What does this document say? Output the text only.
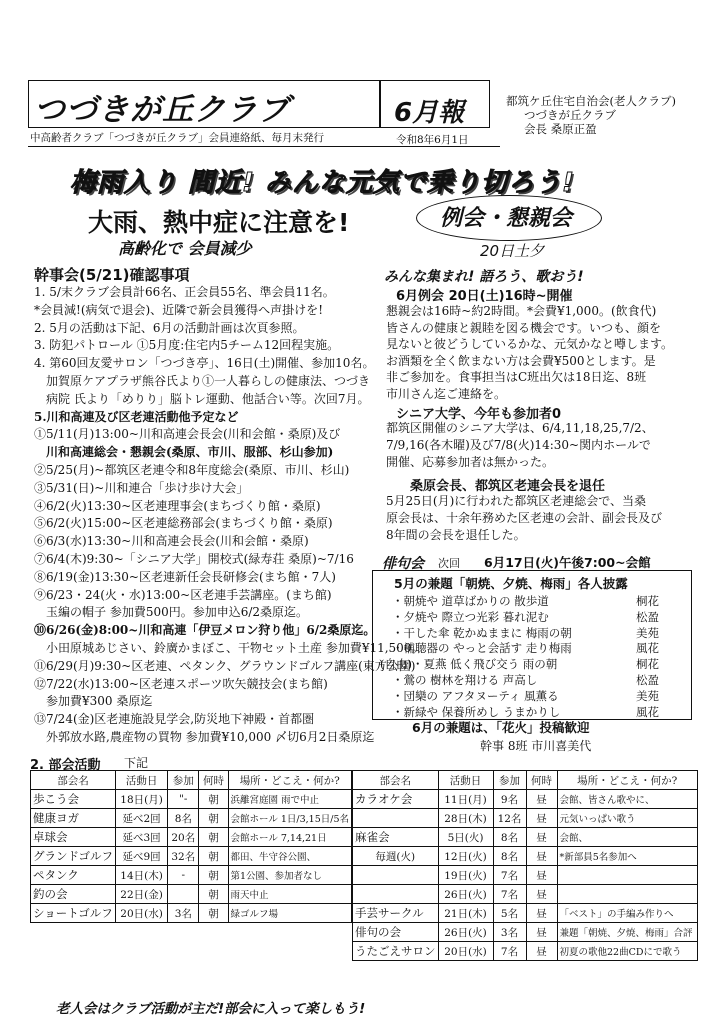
つづきが丘クラブ	6月報
中高齢者クラブ「つづきが丘クラブ」会員連絡紙、毎月末発行	令和8年6月1日
都筑ケ丘住宅自治会(老人クラブ)
つづきが丘クラブ
会長 桑原正盈
梅雨入り 間近! みんな元気で乗り切ろう!
大雨、熱中症に注意を!
高齢化で 会員減少
幹事会(5/21)確認事項
1. 5/末クラブ会員計66名、正会員55名、準会員11名。
*会員減!(病気で退会)、近隣で新会員獲得へ声掛けを!
2. 5月の活動は下記、6月の活動計画は次頁参照。
3. 防犯パトロール ①5月度:住宅内5チーム12回程実施。
4. 第60回友愛サロン「つづき亭」、16日(土)開催、参加10名。
加賀原ケアプラザ熊谷氏より①一人暮らしの健康法、つづき
病院 氏より「めりり」脳トレ運動、他話合い等。次回7月。
5.川和高連及び区老連活動他予定など
①5/11(月)13:00~川和高連会長会(川和会館・桑原)及び
川和高連総会・懇親会(桑原、市川、服部、杉山参加)
②5/25(月)~都筑区老連令和8年度総会(桑原、市川、杉山)
③5/31(日)~川和連合「歩け歩け大会」
④6/2(火)13:30~区老連理事会(まちづくり館・桑原)
⑤6/2(火)15:00~区老連総務部会(まちづくり館・桑原)
⑥6/3(水)13:30~川和高連会長会(川和会館・桑原)
⑦6/4(木)9:30~「シニア大学」開校式(緑寿荘 桑原)~7/16
⑧6/19(金)13:30~区老連新任会長研修会(まち館・7人)
⑨6/23・24(火・水)13:00~区老連手芸講座。(まち館)
玉編の帽子 参加費500円。参加申込6/2桑原迄。
⑩6/26(金)8:00~川和高連「伊豆メロン狩り他」6/2桑原迄。
小田原城あじさい、鈴廣かまぼこ、干物セット土産 参加費¥11,500。
⑪6/29(月)9:30~区老連、ペタンク、グラウンドゴルフ講座(東方公園)
⑫7/22(水)13:00~区老連スポーツ吹矢競技会(まち館)
参加費¥300 桑原迄
⑬7/24(金)区老連施設見学会,防災地下神殿・首都圏
外郭放水路,農産物の買物 参加費¥10,000 〆切6月2日桑原迄
例会・懇親会
20日土夕
みんな集まれ! 語ろう、歌おう!
6月例会 20日(土)16時~開催
懇親会は16時~約2時間。*会費¥1,000。(飲食代)
皆さんの健康と親睦を図る機会です。いつも、顔を
見ないと彼どうしているかな、元気かなと噂します。
お酒類を全く飲まない方は会費¥500とします。是
非ご参加を。食事担当はC班出欠は18日迄、8班
市川さん迄ご連絡を。
シニア大学、今年も参加者0
都筑区開催のシニア大学は、6/4,11,18,25,7/2、
7/9,16(各木曜)及び7/8(火)14:30~関内ホールで
開催、応募参加者は無かった。
桑原会長、都筑区老連会長を退任
5月25日(月)に行われた都筑区老連総会で、当桑
原会長は、十余年務めた区老連の会計、副会長及び
8年間の会長を退任した。
俳句会 次回 6月17日(火)午後7:00~会館
5月の兼題「朝焼、夕焼、梅雨」各人披露
・朝焼や 道草ばかりの 散歩道	桐花
・夕焼や 際立つ光彩 暮れ泥む	松盈
・干した傘 乾かぬままに 梅雨の朝	美苑
・補聴器の やっと会話す 走り梅雨	風花
(自由)・夏燕 低く飛び交う 雨の朝	桐花
・鶯の 樹林を翔ける 声高し	松盈
・団欒の アフタヌーティ 風薫る	美苑
・新緑や 保養所めし うまかりし	風花
6月の兼題は、「花火」投稿歓迎
幹事 8班 市川喜美代
2. 部会活動 下記
部会名	活動日	参加	何時	場所・どこえ・何か?
歩こう会	18日(月)	"-	朝	浜離宮庭園 雨で中止
健康ヨガ	延べ2回	8名	朝	会館ホール 1日/3,15日/5名
卓球会	延べ3回	20名	朝	会館ホール 7,14,21日
グランドゴルフ	延べ9回	32名	朝	都田、牛守谷公園、
ペタンク	14日(木)	-	朝	第1公園、参加者なし
釣の会	22日(金)		朝	雨天中止
ショートゴルフ	20日(水)	3名	朝	緑ゴルフ場
部会名	活動日	参加	何時	場所・どこえ・何か?
カラオケ会	11日(月)	9名	昼	会館、皆さん歌やに、
	28日(木)	12名	昼	元気いっぱい歌う
麻雀会	5日(火)	8名	昼	会館、
毎週(火)	12日(火)	8名	昼	*新部員5名参加へ
	19日(火)	7名	昼	
	26日(火)	7名	昼	
手芸サークル	21日(木)	5名	昼	「ベスト」の手編み作りへ
俳句の会	26日(火)	3名	昼	兼題「朝焼、夕焼、梅雨」合評
うたごえサロン	20日(水)	7名	昼	初夏の歌他22曲CDにで歌う
老人会はクラブ活動が主だ!部会に入って楽しもう!
